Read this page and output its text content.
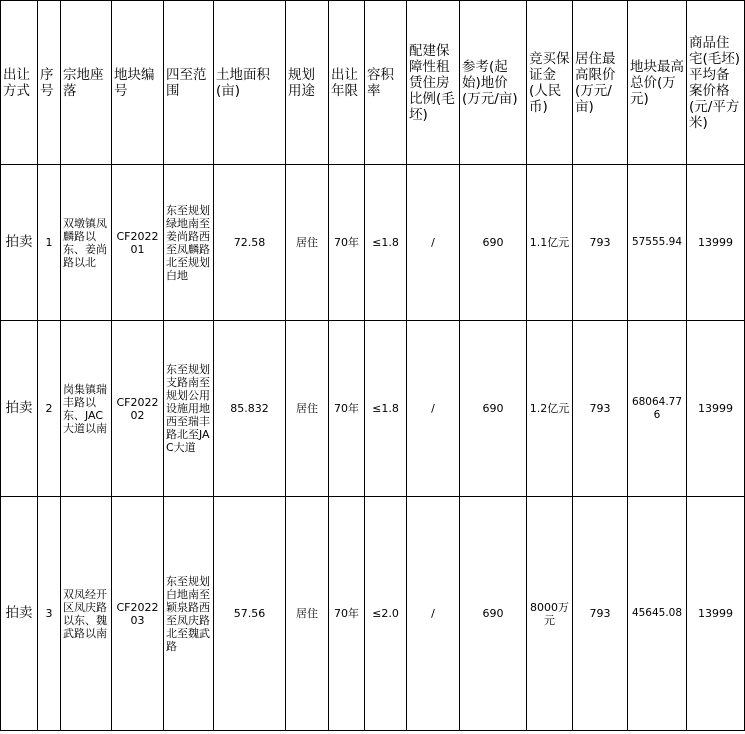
出让方式	序号	宗地座落	地块编号	四至范围	土地面积(亩)	规划用途	出让年限	容积率	配建保障性租赁住房比例(毛坯)	参考(起始)地价(万元/亩)	竞买保证金(人民币)	居住最高限价(万元/亩)	地块最高总价(万元)	商品住宅(毛坯)平均备案价格(元/平方米)
拍卖	1	双墩镇凤麟路以东、姜尚路以北	CF202201	东至规划绿地南至姜尚路西至凤麟路北至规划白地	72.58	居住	70年	≤1.8	/	690	1.1亿元	793	57555.94	13999
拍卖	2	岗集镇瑞丰路以东、JAC大道以南	CF202202	东至规划支路南至规划公用设施用地西至瑞丰路北至JAC大道	85.832	居住	70年	≤1.8	/	690	1.2亿元	793	68064.776	13999
拍卖	3	双凤经开区凤庆路以东、魏武路以南	CF202203	东至规划白地南至颖泉路西至凤庆路北至魏武路	57.56	居住	70年	≤2.0	/	690	8000万元	793	45645.08	13999
